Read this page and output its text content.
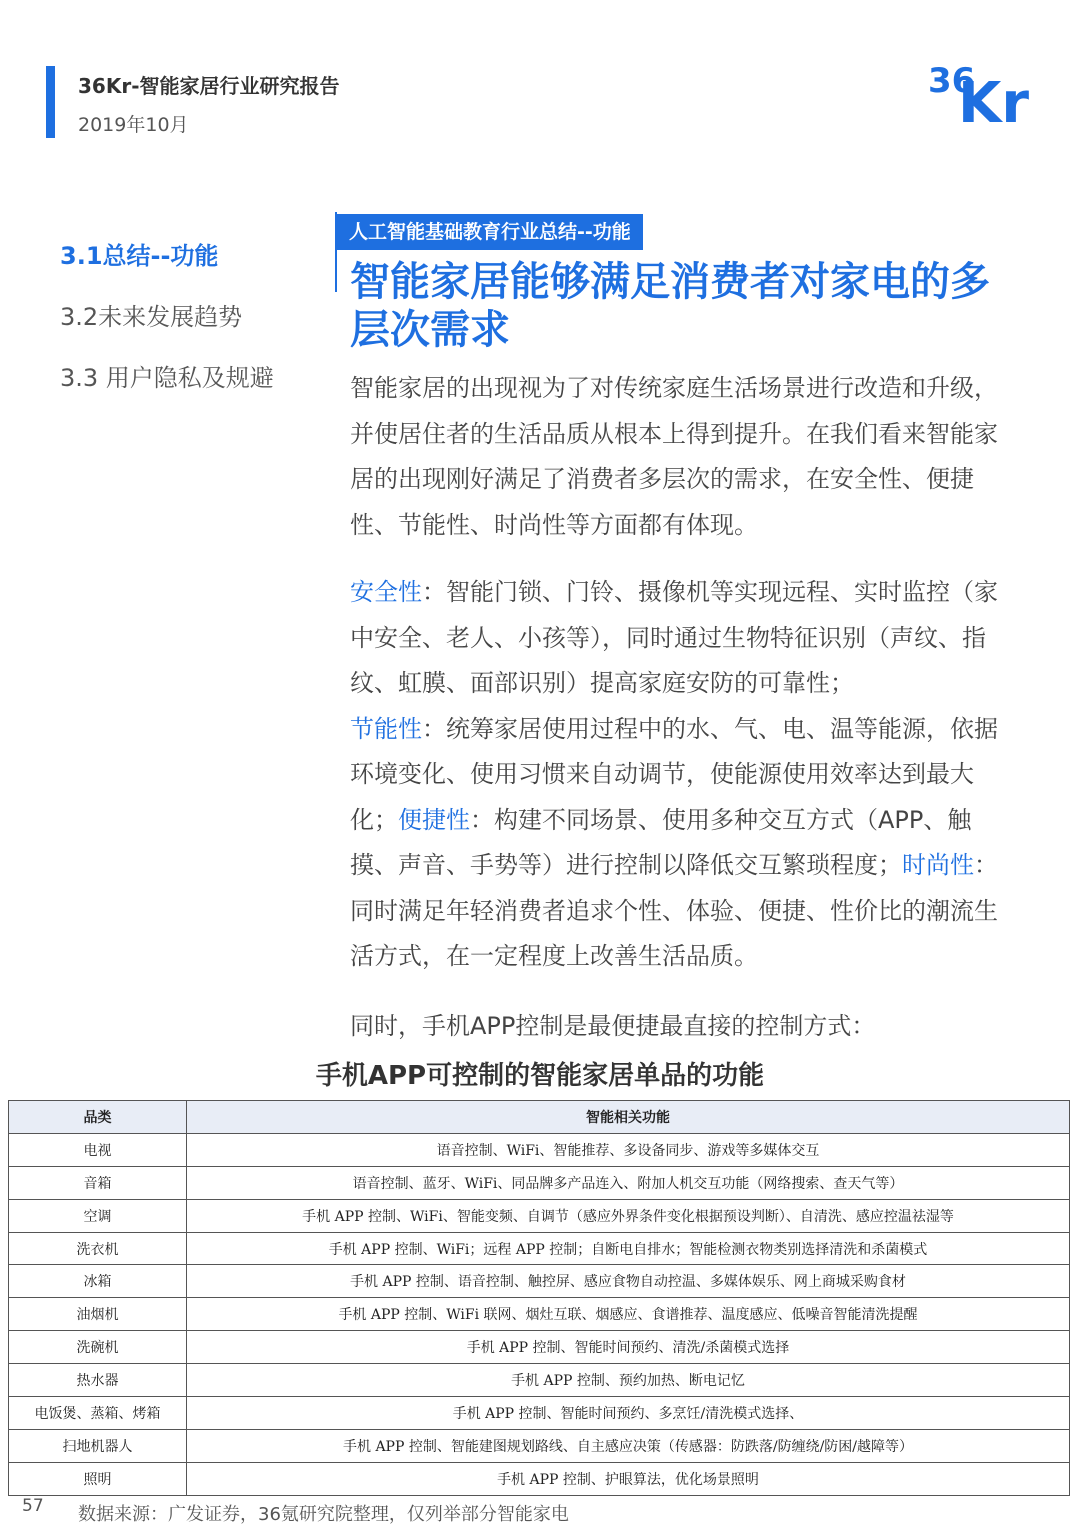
36Kr-智能家居行业研究报告
2019年10月
36
Kr
3.1总结--功能
3.2未来发展趋势
3.3 用户隐私及规避
人工智能基础教育行业总结--功能
智能家居能够满足消费者对家电的多层次需求
智能家居的出现视为了对传统家庭生活场景进行改造和升级，并使居住者的生活品质从根本上得到提升。在我们看来智能家居的出现刚好满足了消费者多层次的需求，在安全性、便捷性、节能性、时尚性等方面都有体现。
安全性：智能门锁、门铃、摄像机等实现远程、实时监控（家中安全、老人、小孩等），同时通过生物特征识别（声纹、指纹、虹膜、面部识别）提高家庭安防的可靠性；
节能性：统筹家居使用过程中的水、气、电、温等能源，依据环境变化、使用习惯来自动调节，使能源使用效率达到最大化；便捷性：构建不同场景、使用多种交互方式（APP、触摸、声音、手势等）进行控制以降低交互繁琐程度；时尚性：同时满足年轻消费者追求个性、体验、便捷、性价比的潮流生活方式，在一定程度上改善生活品质。
同时，手机APP控制是最便捷最直接的控制方式：
手机APP可控制的智能家居单品的功能
品类	智能相关功能
电视	语音控制、WiFi、智能推荐、多设备同步、游戏等多媒体交互
音箱	语音控制、蓝牙、WiFi、同品牌多产品连入、附加人机交互功能（网络搜索、查天气等）
空调	手机 APP 控制、WiFi、智能变频、自调节（感应外界条件变化根据预设判断）、自清洗、感应控温祛湿等
洗衣机	手机 APP 控制、WiFi；远程 APP 控制；自断电自排水；智能检测衣物类别选择清洗和杀菌模式
冰箱	手机 APP 控制、语音控制、触控屏、感应食物自动控温、多媒体娱乐、网上商城采购食材
油烟机	手机 APP 控制、WiFi 联网、烟灶互联、烟感应、食谱推荐、温度感应、低噪音智能清洗提醒
洗碗机	手机 APP 控制、智能时间预约、清洗/杀菌模式选择
热水器	手机 APP 控制、预约加热、断电记忆
电饭煲、蒸箱、烤箱	手机 APP 控制、智能时间预约、多烹饪/清洗模式选择、
扫地机器人	手机 APP 控制、智能建图规划路线、自主感应决策（传感器：防跌落/防缠绕/防困/越障等）
照明	手机 APP 控制、护眼算法，优化场景照明
57 数据来源：广发证券，36氪研究院整理，仅列举部分智能家电
